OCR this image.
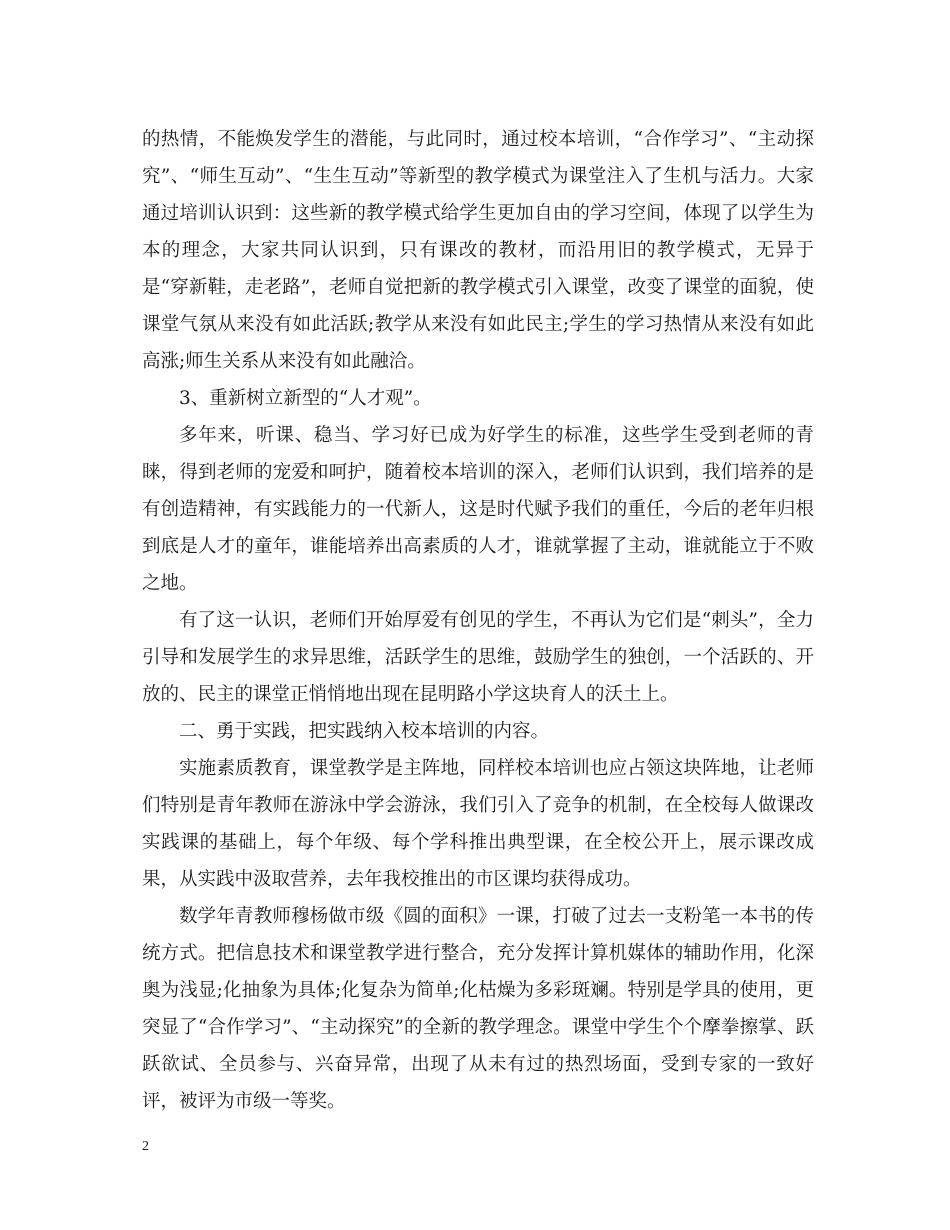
的热情，不能焕发学生的潜能，与此同时，通过校本培训，“合作学习”、“主动探究”、“师生互动”、“生生互动”等新型的教学模式为课堂注入了生机与活力。大家通过培训认识到：这些新的教学模式给学生更加自由的学习空间，体现了以学生为本的理念，大家共同认识到，只有课改的教材，而沿用旧的教学模式，无异于是“穿新鞋，走老路”，老师自觉把新的教学模式引入课堂，改变了课堂的面貌，使课堂气氛从来没有如此活跃;教学从来没有如此民主;学生的学习热情从来没有如此高涨;师生关系从来没有如此融洽。

3、重新树立新型的“人才观”。

多年来，听课、稳当、学习好已成为好学生的标准，这些学生受到老师的青睐，得到老师的宠爱和呵护，随着校本培训的深入，老师们认识到，我们培养的是有创造精神，有实践能力的一代新人，这是时代赋予我们的重任，今后的老年归根到底是人才的童年，谁能培养出高素质的人才，谁就掌握了主动，谁就能立于不败之地。

有了这一认识，老师们开始厚爱有创见的学生，不再认为它们是“刺头”，全力引导和发展学生的求异思维，活跃学生的思维，鼓励学生的独创，一个活跃的、开放的、民主的课堂正悄悄地出现在昆明路小学这块育人的沃土上。

二、勇于实践，把实践纳入校本培训的内容。

实施素质教育，课堂教学是主阵地，同样校本培训也应占领这块阵地，让老师们特别是青年教师在游泳中学会游泳，我们引入了竞争的机制，在全校每人做课改实践课的基础上，每个年级、每个学科推出典型课，在全校公开上，展示课改成果，从实践中汲取营养，去年我校推出的市区课均获得成功。

数学年青教师穆杨做市级《圆的面积》一课，打破了过去一支粉笔一本书的传统方式。把信息技术和课堂教学进行整合，充分发挥计算机媒体的辅助作用，化深奥为浅显;化抽象为具体;化复杂为简单;化枯燥为多彩斑斓。特别是学具的使用，更突显了“合作学习”、“主动探究”的全新的教学理念。课堂中学生个个摩拳擦掌、跃跃欲试、全员参与、兴奋异常，出现了从未有过的热烈场面，受到专家的一致好评，被评为市级一等奖。

2
